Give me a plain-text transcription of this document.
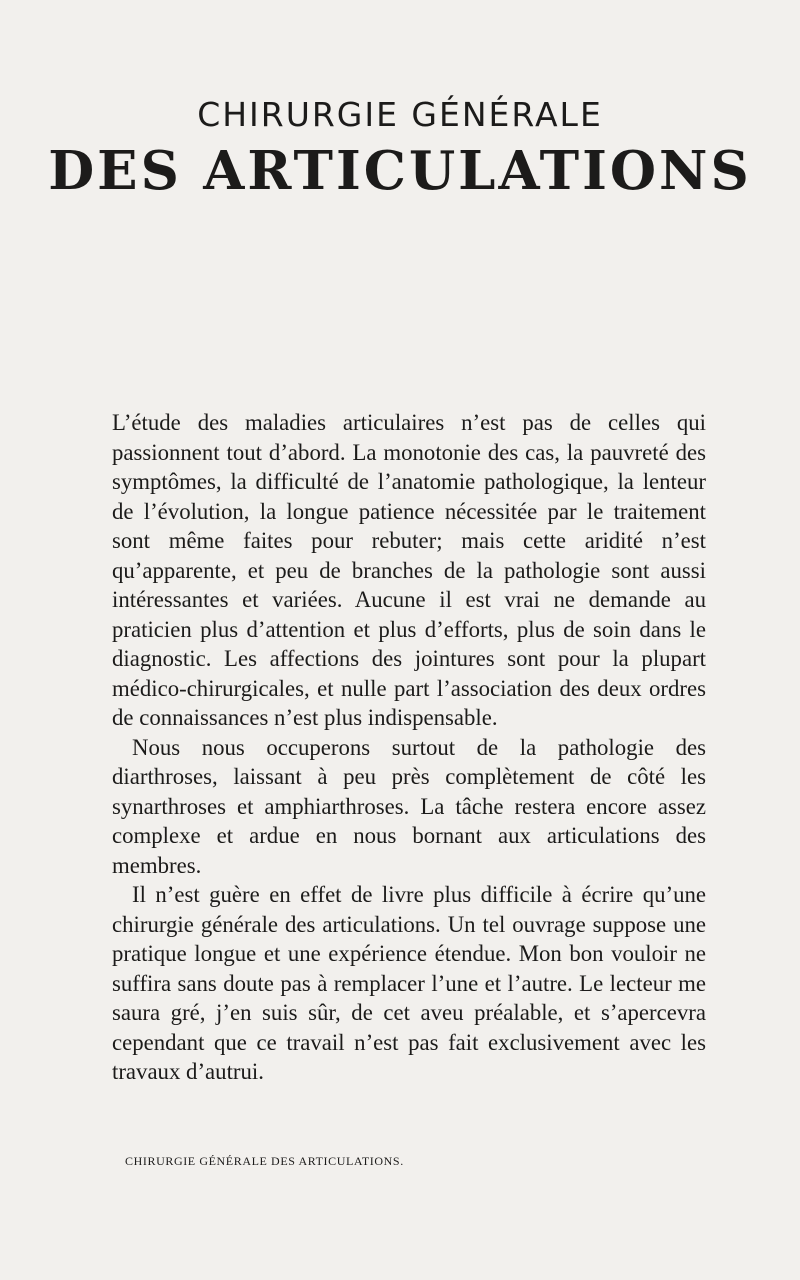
CHIRURGIE GÉNÉRALE
DES ARTICULATIONS

L’étude des maladies articulaires n’est pas de celles qui passionnent tout d’abord. La monotonie des cas, la pauvreté des symptômes, la difficulté de l’anatomie pathologique, la lenteur de l’évolution, la longue patience nécessitée par le traitement sont même faites pour rebuter; mais cette aridité n’est qu’apparente, et peu de branches de la pathologie sont aussi intéressantes et variées. Aucune il est vrai ne demande au praticien plus d’attention et plus d’efforts, plus de soin dans le diagnostic. Les affections des jointures sont pour la plupart médico-chirurgicales, et nulle part l’association des deux ordres de connaissances n’est plus indispensable.

Nous nous occuperons surtout de la pathologie des diarthroses, laissant à peu près complètement de côté les synarthroses et amphiarthroses. La tâche restera encore assez complexe et ardue en nous bornant aux articulations des membres.

Il n’est guère en effet de livre plus difficile à écrire qu’une chirurgie générale des articulations. Un tel ouvrage suppose une pratique longue et une expérience étendue. Mon bon vouloir ne suffira sans doute pas à remplacer l’une et l’autre. Le lecteur me saura gré, j’en suis sûr, de cet aveu préalable, et s’apercevra cependant que ce travail n’est pas fait exclusivement avec les travaux d’autrui.

CHIRURGIE GÉNÉRALE DES ARTICULATIONS.
